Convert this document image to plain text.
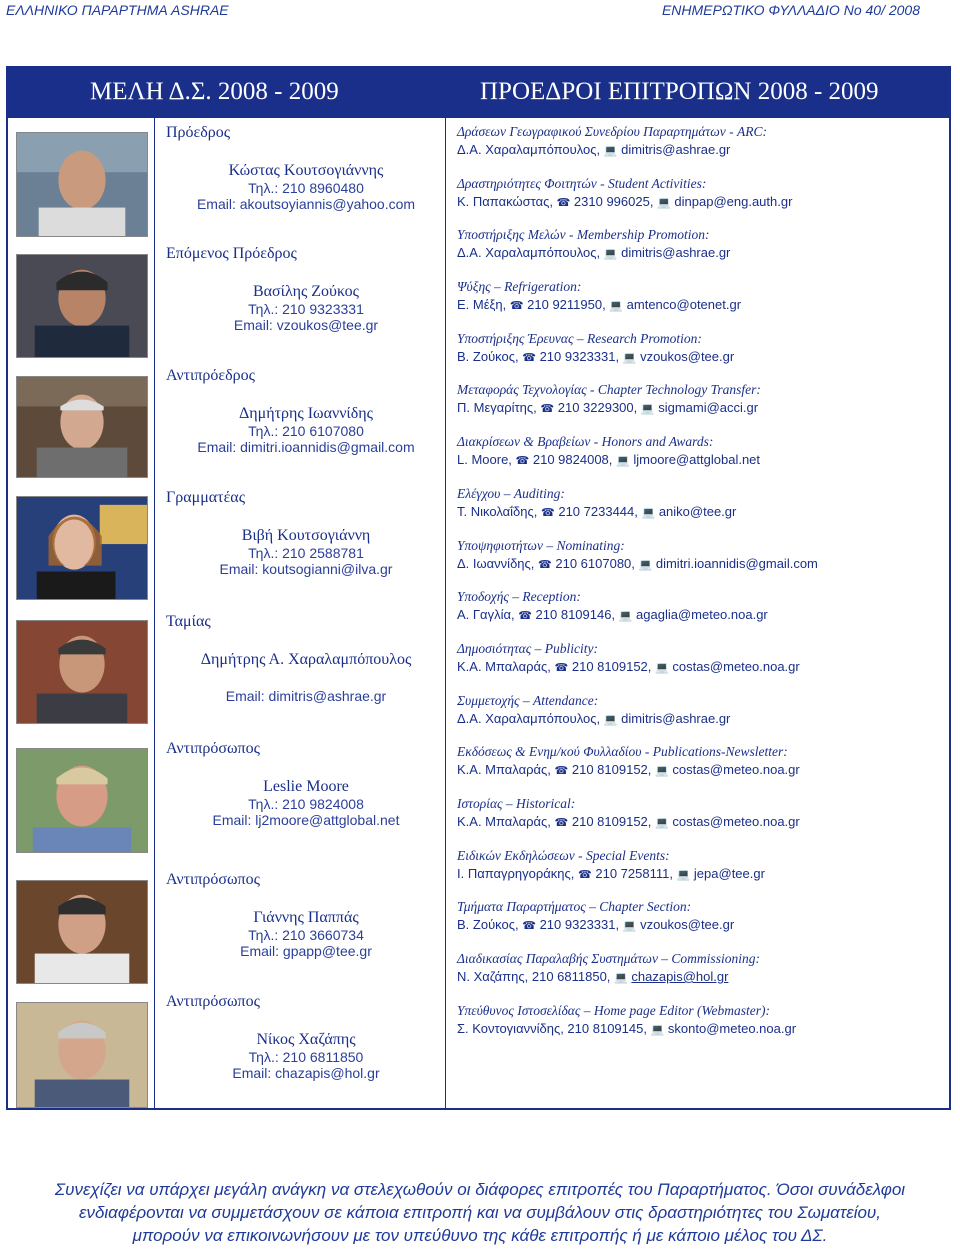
ΕΛΛΗΝΙΚΟ ΠΑΡΑΡΤΗΜΑ ASHRAE	ΕΝΗΜΕΡΩΤΙΚΟ ΦΥΛΛΑΔΙΟ No 40/ 2008
ΜΕΛΗ Δ.Σ. 2008 - 2009	ΠΡΟΕΔΡΟΙ ΕΠΙΤΡΟΠΩΝ 2008 - 2009
Πρόεδρος
Κώστας Κουτσογιάννης
Τηλ.: 210 8960480
Email: akoutsoyiannis@yahoo.com
Επόμενος Πρόεδρος
Βασίλης Ζούκος
Τηλ.: 210 9323331
Email: vzoukos@tee.gr
Αντιπρόεδρος
Δημήτρης Ιωαννίδης
Τηλ.: 210 6107080
Email: dimitri.ioannidis@gmail.com
Γραμματέας
Βιβή Κουτσογιάννη
Τηλ.: 210 2588781
Email: koutsogianni@ilva.gr
Ταμίας
Δημήτρης Α. Χαραλαμπόπουλος
Email: dimitris@ashrae.gr
Αντιπρόσωπος
Leslie Moore
Τηλ.: 210 9824008
Email: lj2moore@attglobal.net
Αντιπρόσωπος
Γιάννης Παππάς
Τηλ.: 210 3660734
Email: gpapp@tee.gr
Αντιπρόσωπος
Νίκος Χαζάπης
Τηλ.: 210 6811850
Email: chazapis@hol.gr
Δράσεων Γεωγραφικού Συνεδρίου Παραρτημάτων - ARC:
Δ.Α. Χαραλαμπόπουλος, 💻 dimitris@ashrae.gr
Δραστηριότητες Φοιτητών - Student Activities:
Κ. Παπακώστας, ☎ 2310 996025, 💻 dinpap@eng.auth.gr
Υποστήριξης Μελών - Membership Promotion:
Δ.Α. Χαραλαμπόπουλος, 💻 dimitris@ashrae.gr
Ψύξης – Refrigeration:
Ε. Μέξη, ☎ 210 9211950, 💻 amtenco@otenet.gr
Υποστήριξης Έρευνας – Research Promotion:
Β. Ζούκος, ☎ 210 9323331, 💻 vzoukos@tee.gr
Μεταφοράς Τεχνολογίας - Chapter Technology Transfer:
Π. Μεγαρίτης, ☎ 210 3229300, 💻 sigmami@acci.gr
Διακρίσεων & Βραβείων - Honors and Awards:
L. Moore, ☎ 210 9824008, 💻 ljmoore@attglobal.net
Ελέγχου – Auditing:
Τ. Νικολαΐδης, ☎ 210 7233444, 💻 aniko@tee.gr
Υποψηφιοτήτων – Nominating:
Δ. Ιωαννίδης, ☎ 210 6107080, 💻 dimitri.ioannidis@gmail.com
Υποδοχής – Reception:
Α. Γαγλία, ☎ 210 8109146, 💻 agaglia@meteo.noa.gr
Δημοσιότητας – Publicity:
Κ.Α. Μπαλαράς, ☎ 210 8109152, 💻 costas@meteo.noa.gr
Συμμετοχής – Attendance:
Δ.Α. Χαραλαμπόπουλος, 💻 dimitris@ashrae.gr
Εκδόσεως & Ενημ/κού Φυλλαδίου - Publications-Newsletter:
Κ.Α. Μπαλαράς, ☎ 210 8109152, 💻 costas@meteo.noa.gr
Ιστορίας – Historical:
Κ.Α. Μπαλαράς, ☎ 210 8109152, 💻 costas@meteo.noa.gr
Ειδικών Εκδηλώσεων - Special Events:
Ι. Παπαγρηγοράκης, ☎ 210 7258111, 💻 jepa@tee.gr
Τμήματα Παραρτήματος – Chapter Section:
Β. Ζούκος, ☎ 210 9323331, 💻 vzoukos@tee.gr
Διαδικασίας Παραλαβής Συστημάτων – Commissioning:
Ν. Χαζάπης, 210 6811850, 💻 chazapis@hol.gr
Υπεύθυνος Ιστοσελίδας – Home page Editor (Webmaster):
Σ. Κοντογιαννίδης, 210 8109145, 💻 skonto@meteo.noa.gr
Συνεχίζει να υπάρχει μεγάλη ανάγκη να στελεχωθούν οι διάφορες επιτροπές του Παραρτήματος. Όσοι συνάδελφοι
ενδιαφέρονται να συμμετάσχουν σε κάποια επιτροπή και να συμβάλουν στις δραστηριότητες του Σωματείου,
μπορούν να επικοινωνήσουν με τον υπεύθυνο της κάθε επιτροπής ή με κάποιο μέλος του ΔΣ.
